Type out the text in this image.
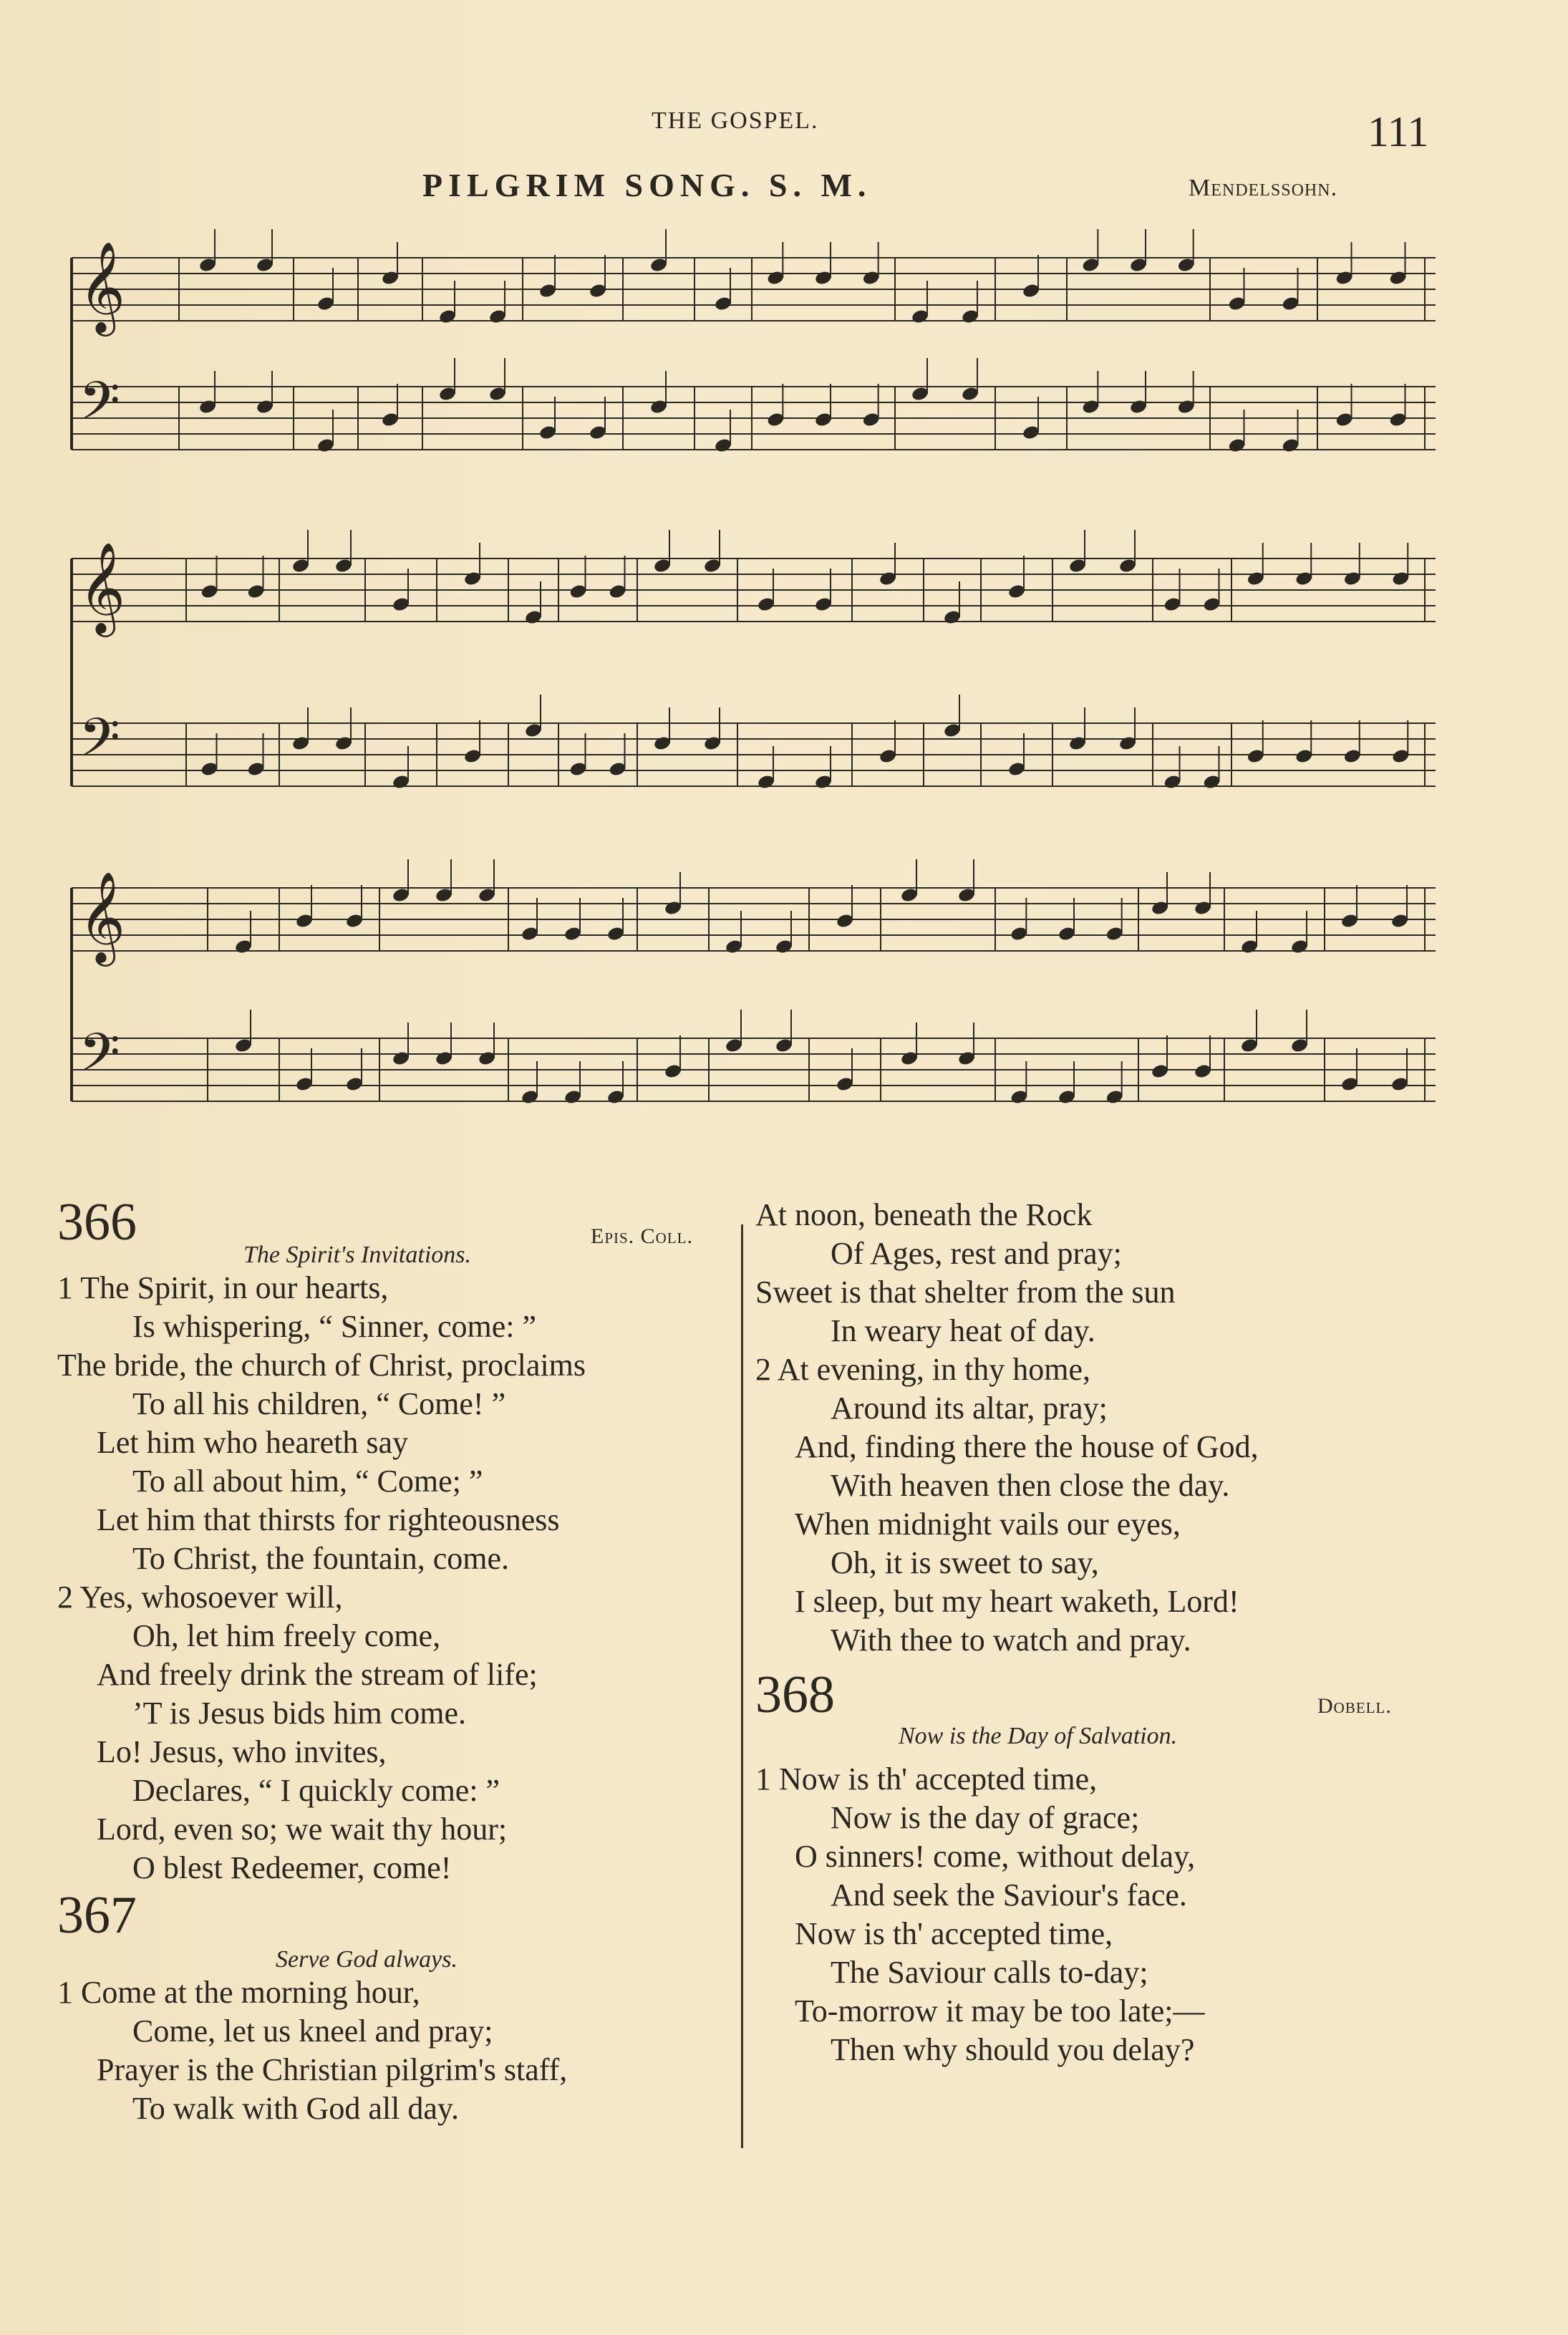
THE GOSPEL.	111
PILGRIM SONG. S. M.	Mendelssohn.
𝄞
𝄢
𝄞
𝄢
𝄞
𝄢
366	Epis. Coll.
The Spirit's Invitations.
1 The Spirit, in our hearts,
Is whispering, “ Sinner, come: ”
The bride, the church of Christ, proclaims
To all his children, “ Come! ”
Let him who heareth say
To all about him, “ Come; ”
Let him that thirsts for righteousness
To Christ, the fountain, come.
2 Yes, whosoever will,
Oh, let him freely come,
And freely drink the stream of life;
’T is Jesus bids him come.
Lo! Jesus, who invites,
Declares, “ I quickly come: ”
Lord, even so; we wait thy hour;
O blest Redeemer, come!
367
Serve God always.
1 Come at the morning hour,
Come, let us kneel and pray;
Prayer is the Christian pilgrim's staff,
To walk with God all day.
At noon, beneath the Rock
Of Ages, rest and pray;
Sweet is that shelter from the sun
In weary heat of day.
2 At evening, in thy home,
Around its altar, pray;
And, finding there the house of God,
With heaven then close the day.
When midnight vails our eyes,
Oh, it is sweet to say,
I sleep, but my heart waketh, Lord!
With thee to watch and pray.
368	Dobell.
Now is the Day of Salvation.
1 Now is th' accepted time,
Now is the day of grace;
O sinners! come, without delay,
And seek the Saviour's face.
Now is th' accepted time,
The Saviour calls to-day;
To-morrow it may be too late;—
Then why should you delay?
